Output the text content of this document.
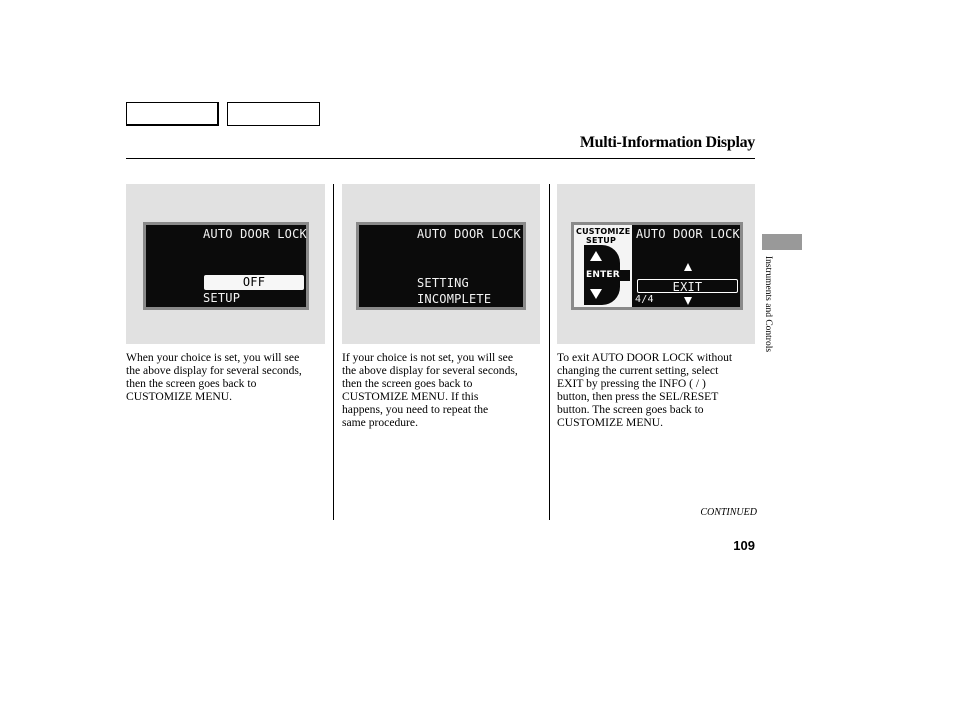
Multi-Information Display
AUTO DOOR LOCK
OFF
SETUP
AUTO DOOR LOCK
SETTING
INCOMPLETE
CUSTOMIZE
SETUP
ENTER
AUTO DOOR LOCK
EXIT
4/4
When your choice is set, you will see
the above display for several seconds,
then the screen goes back to
CUSTOMIZE MENU.
If your choice is not set, you will see
the above display for several seconds,
then the screen goes back to
CUSTOMIZE MENU. If this
happens, you need to repeat the
same procedure.
To exit AUTO DOOR LOCK without
changing the current setting, select
EXIT by pressing the INFO ( / )
button, then press the SEL/RESET
button. The screen goes back to
CUSTOMIZE MENU.
CONTINUED
109
Instruments and Controls
